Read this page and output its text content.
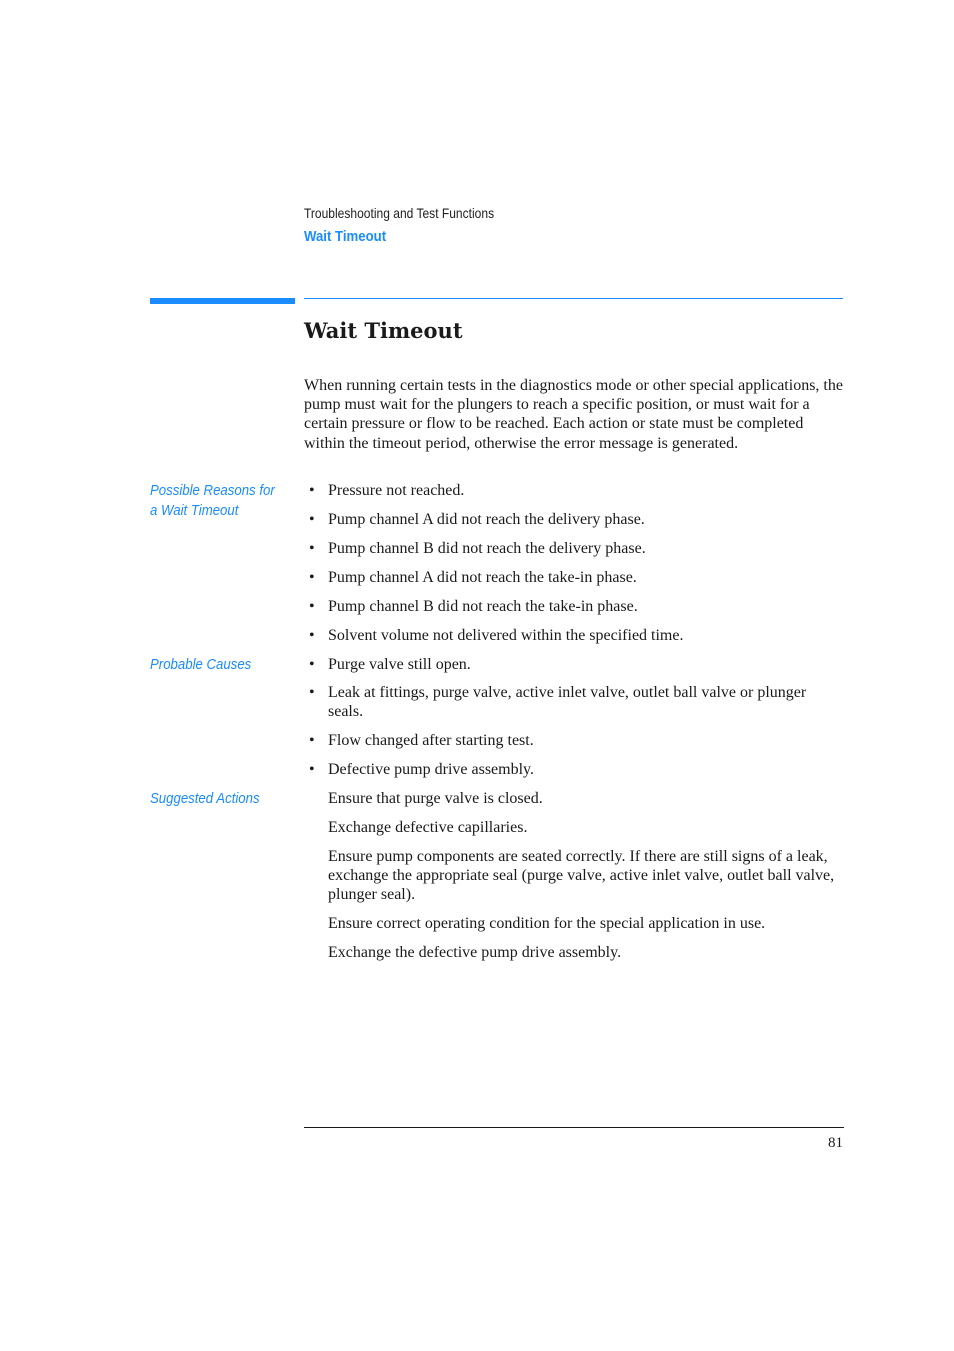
Troubleshooting and Test Functions
Wait Timeout
Wait Timeout

When running certain tests in the diagnostics mode or other special applications, the pump must wait for the plungers to reach a specific position, or must wait for a certain pressure or flow to be reached. Each action or state must be completed within the timeout period, otherwise the error message is generated.

Possible Reasons for a Wait Timeout
• Pressure not reached.
• Pump channel A did not reach the delivery phase.
• Pump channel B did not reach the delivery phase.
• Pump channel A did not reach the take-in phase.
• Pump channel B did not reach the take-in phase.
• Solvent volume not delivered within the specified time.
Probable Causes	• Purge valve still open.
• Leak at fittings, purge valve, active inlet valve, outlet ball valve or plunger seals.
• Flow changed after starting test.
• Defective pump drive assembly.
Suggested Actions	Ensure that purge valve is closed.
Exchange defective capillaries.
Ensure pump components are seated correctly. If there are still signs of a leak, exchange the appropriate seal (purge valve, active inlet valve, outlet ball valve, plunger seal).
Ensure correct operating condition for the special application in use.
Exchange the defective pump drive assembly.
81
